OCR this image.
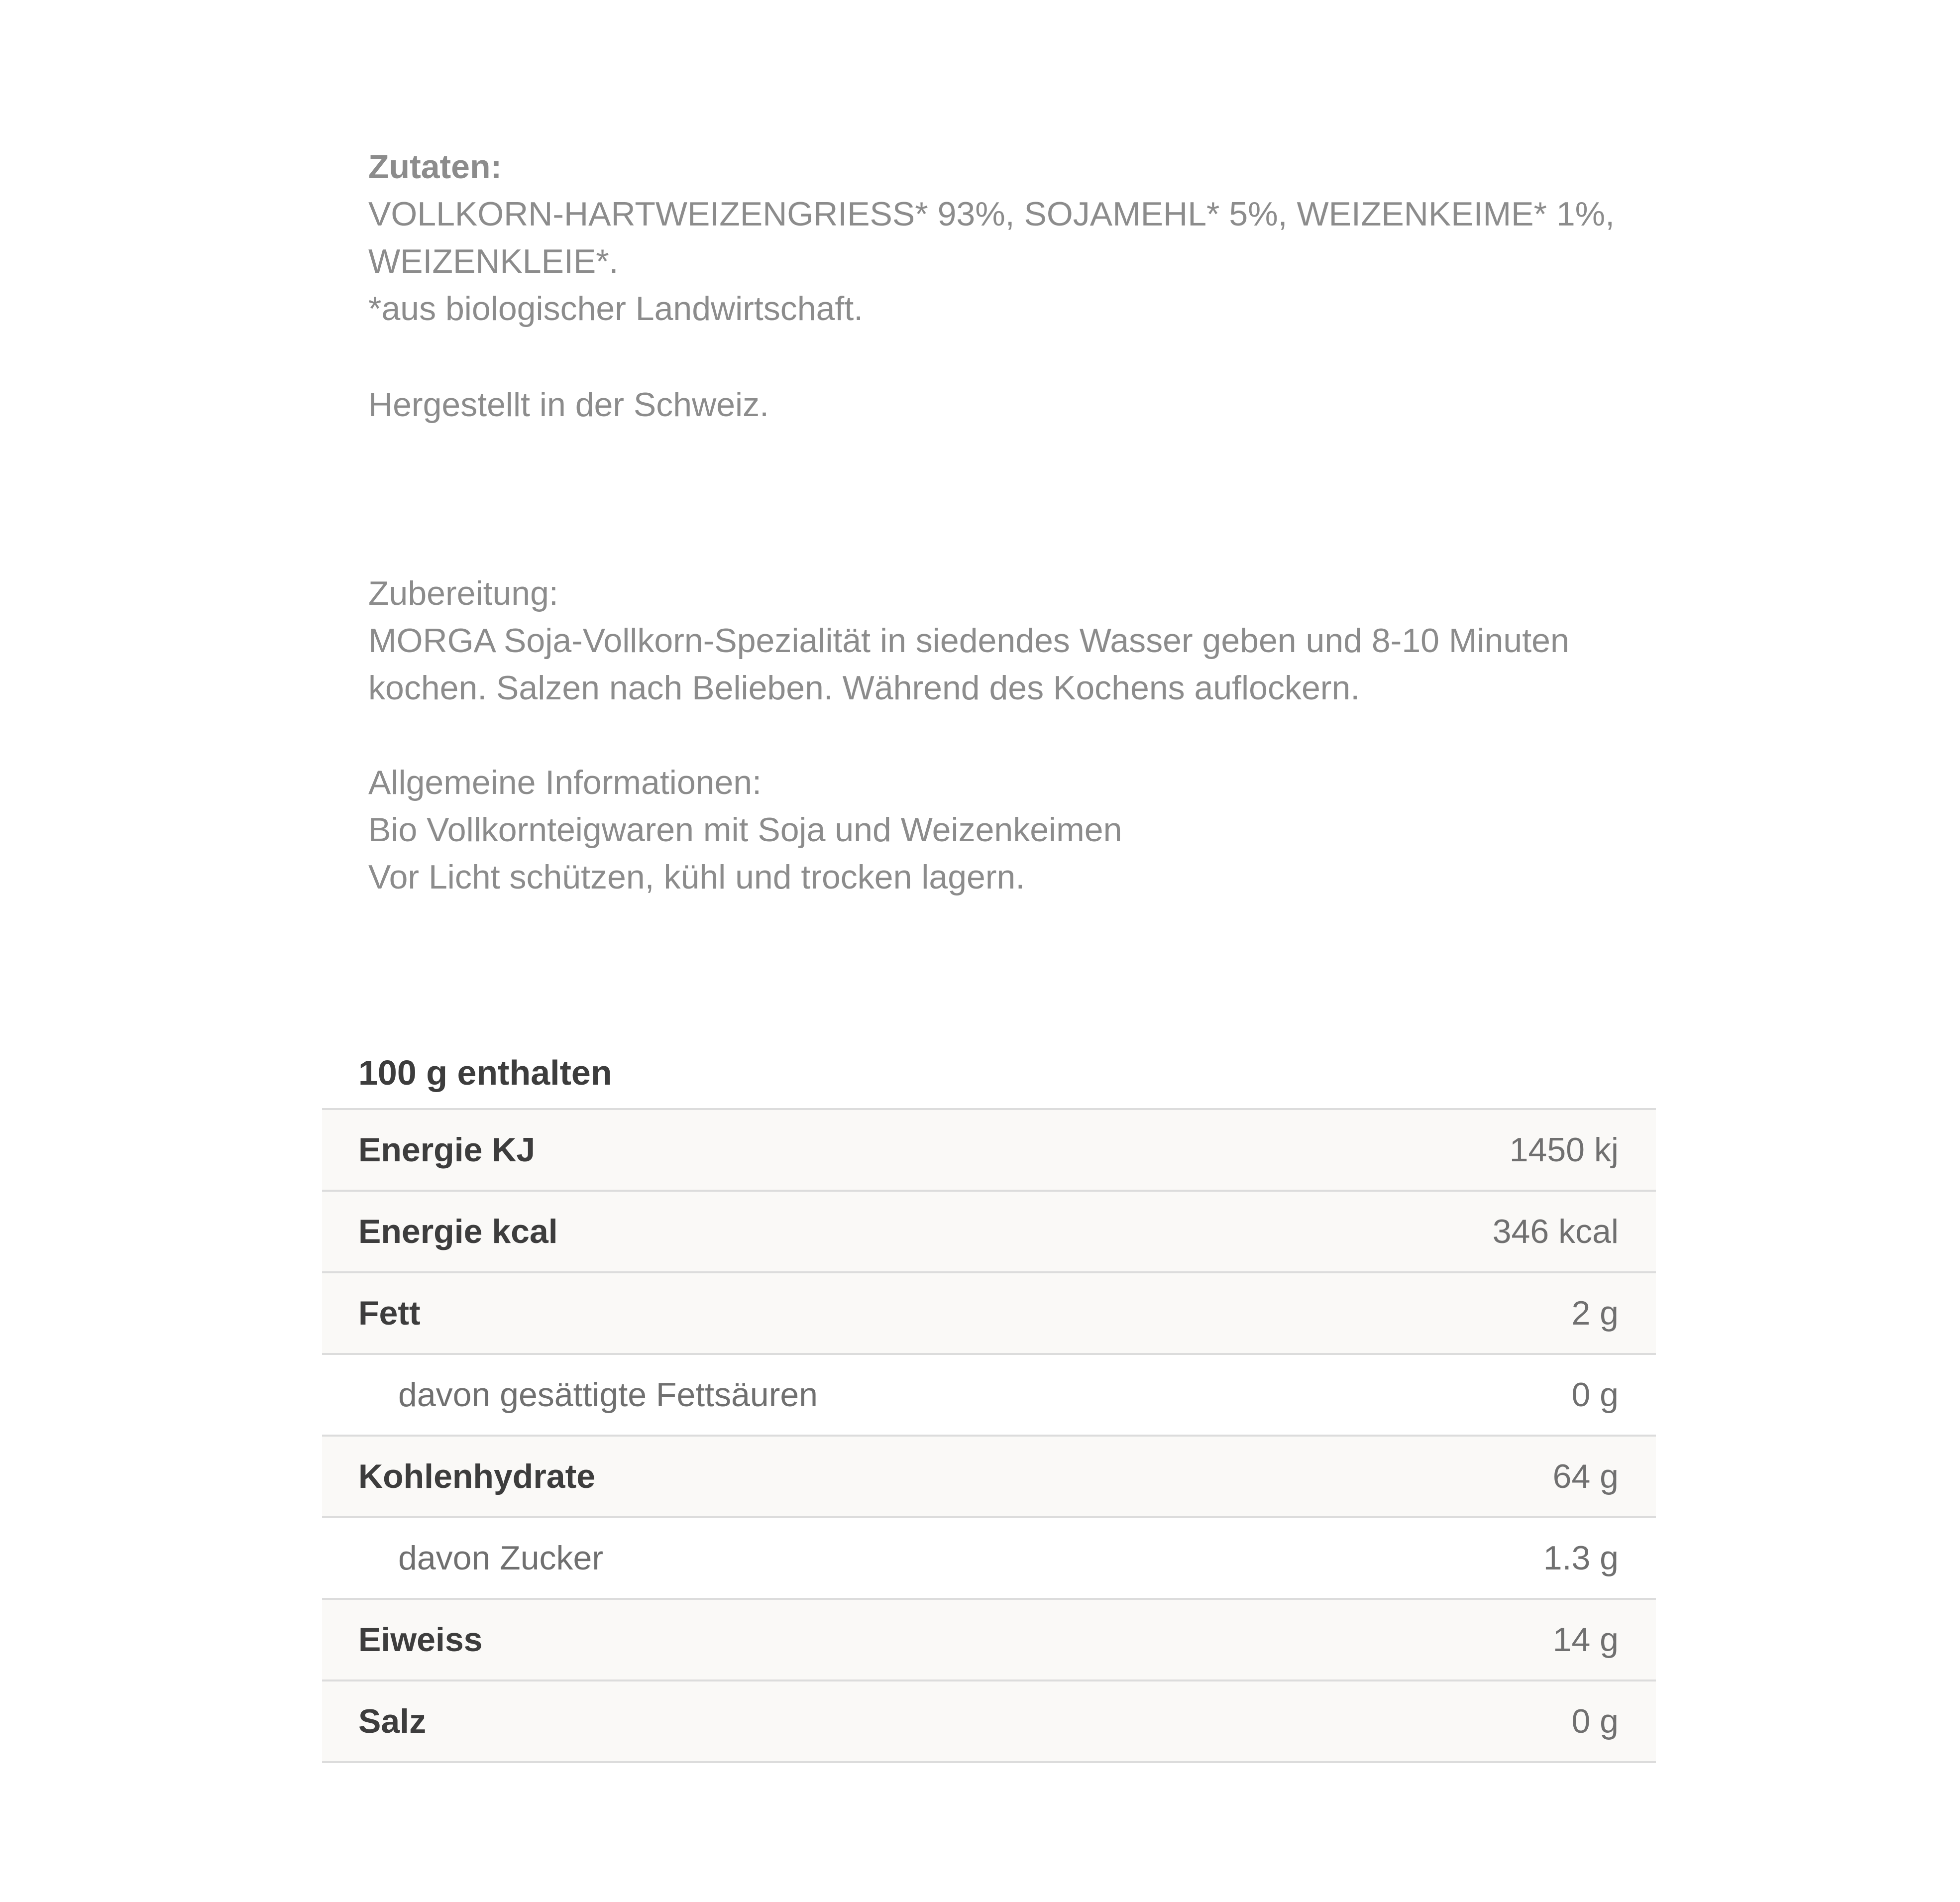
Zutaten:

VOLLKORN-HARTWEIZENGRIESS* 93%, SOJAMEHL* 5%, WEIZENKEIME* 1%,

WEIZENKLEIE*.

*aus biologischer Landwirtschaft.

Hergestellt in der Schweiz.

Zubereitung:

MORGA Soja-Vollkorn-Spezialität in siedendes Wasser geben und 8-10 Minuten

kochen. Salzen nach Belieben. Während des Kochens auflockern.

Allgemeine Informationen:

Bio Vollkornteigwaren mit Soja und Weizenkeimen

Vor Licht schützen, kühl und trocken lagern.

100 g enthalten
Energie KJ	1450 kj
Energie kcal	346 kcal
Fett	2 g
davon gesättigte Fettsäuren	0 g
Kohlenhydrate	64 g
davon Zucker	1.3 g
Eiweiss	14 g
Salz	0 g
